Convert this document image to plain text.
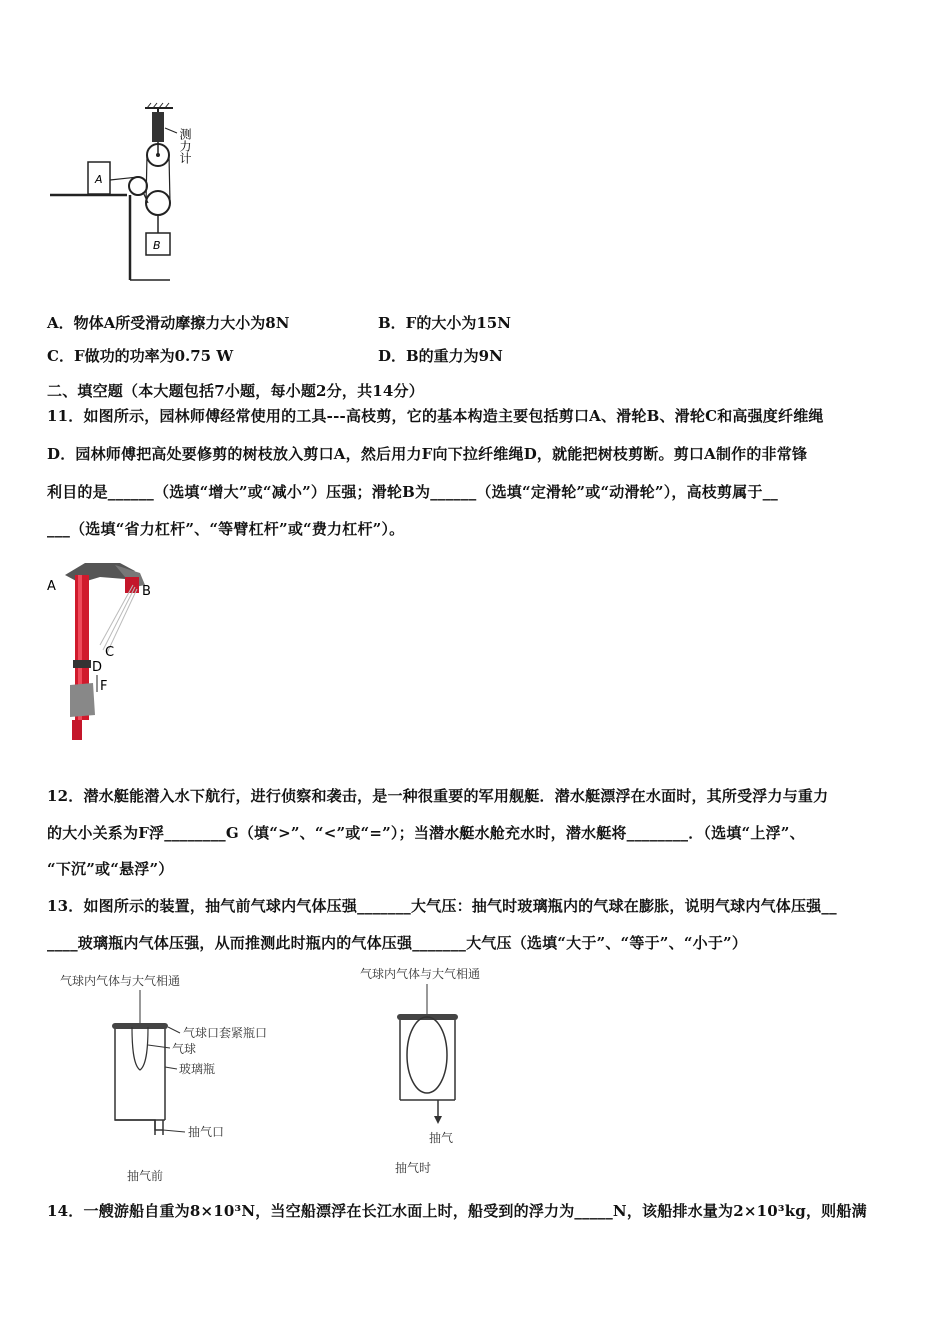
A
B
测力计
A．物体A所受滑动摩擦力大小为8N	B．F的大小为15N
C．F做功的功率为0.75 W	D．B的重力为9N
二、填空题（本大题包括7小题，每小题2分，共14分）
11．如图所示，园林师傅经常使用的工具---高枝剪，它的基本构造主要包括剪口A、滑轮B、滑轮C和高强度纤维绳
D．园林师傅把高处要修剪的树枝放入剪口A，然后用力F向下拉纤维绳D，就能把树枝剪断。剪口A制作的非常锋
利目的是______（选填“增大”或“减小”）压强；滑轮B为______（选填“定滑轮”或“动滑轮”），高枝剪属于__
___（选填“省力杠杆”、“等臂杠杆”或“费力杠杆”）。
A	B
C
D
F
12．潜水艇能潜入水下航行，进行侦察和袭击，是一种很重要的军用舰艇．潜水艇漂浮在水面时，其所受浮力与重力
的大小关系为F浮________G（填“>”、“<”或“=”）；当潜水艇水舱充水时，潜水艇将________．（选填“上浮”、
“下沉”或“悬浮”）
13．如图所示的装置，抽气前气球内气体压强_______大气压：抽气时玻璃瓶内的气球在膨胀，说明气球内气体压强__
____玻璃瓶内气体压强，从而推测此时瓶内的气体压强_______大气压（选填“大于”、“等于”、“小于”）
气球内气体与大气相通
气球口套紧瓶口
气球
玻璃瓶
抽气口
抽气前
气球内气体与大气相通
抽气
抽气时
14．一艘游船自重为8×10³N，当空船漂浮在长江水面上时，船受到的浮力为_____N，该船排水量为2×10³kg，则船满
